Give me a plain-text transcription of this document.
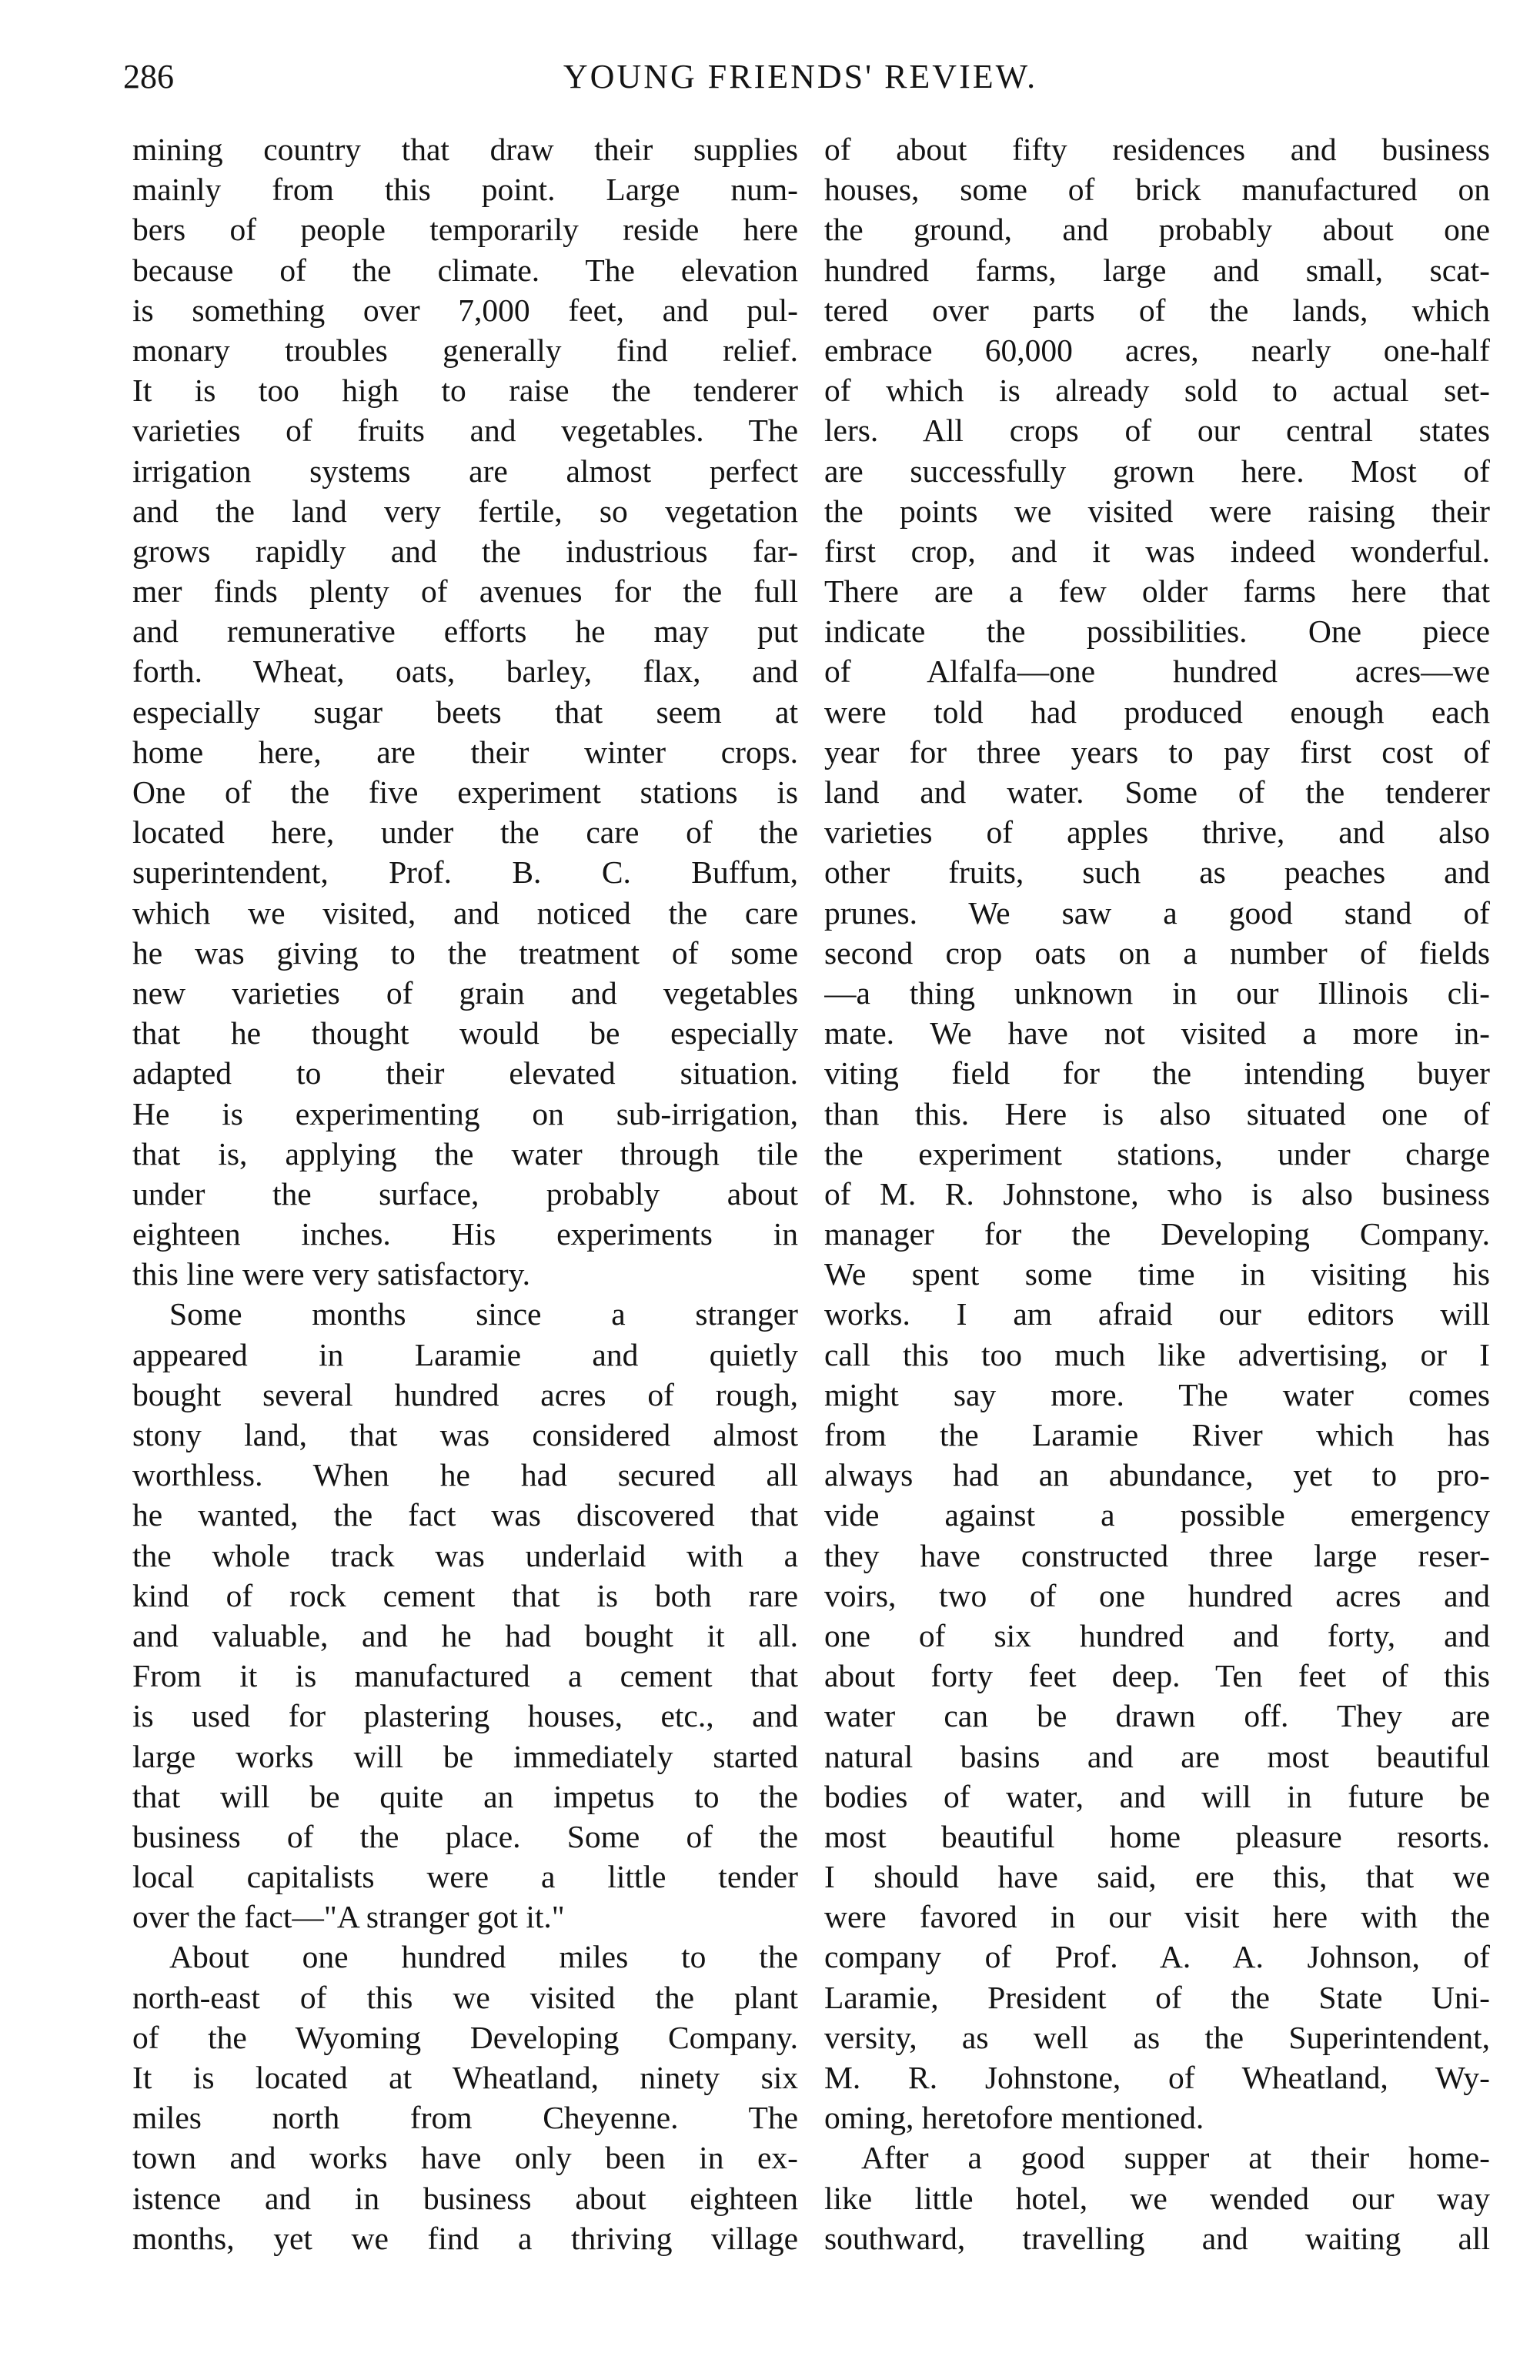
286	YOUNG FRIENDS' REVIEW.
mining country that draw their supplies
mainly from this point. Large num-
bers of people temporarily reside here
because of the climate. The elevation
is something over 7,000 feet, and pul-
monary troubles generally find relief.
It is too high to raise the tenderer
varieties of fruits and vegetables. The
irrigation systems are almost perfect
and the land very fertile, so vegetation
grows rapidly and the industrious far-
mer finds plenty of avenues for the full
and remunerative efforts he may put
forth. Wheat, oats, barley, flax, and
especially sugar beets that seem at
home here, are their winter crops.
One of the five experiment stations is
located here, under the care of the
superintendent, Prof. B. C. Buffum,
which we visited, and noticed the care
he was giving to the treatment of some
new varieties of grain and vegetables
that he thought would be especially
adapted to their elevated situation.
He is experimenting on sub-irrigation,
that is, applying the water through tile
under the surface, probably about
eighteen inches. His experiments in
this line were very satisfactory.
Some months since a stranger
appeared in Laramie and quietly
bought several hundred acres of rough,
stony land, that was considered almost
worthless. When he had secured all
he wanted, the fact was discovered that
the whole track was underlaid with a
kind of rock cement that is both rare
and valuable, and he had bought it all.
From it is manufactured a cement that
is used for plastering houses, etc., and
large works will be immediately started
that will be quite an impetus to the
business of the place. Some of the
local capitalists were a little tender
over the fact—"A stranger got it."
About one hundred miles to the
north-east of this we visited the plant
of the Wyoming Developing Company.
It is located at Wheatland, ninety six
miles north from Cheyenne. The
town and works have only been in ex-
istence and in business about eighteen
months, yet we find a thriving village
of about fifty residences and business
houses, some of brick manufactured on
the ground, and probably about one
hundred farms, large and small, scat-
tered over parts of the lands, which
embrace 60,000 acres, nearly one-half
of which is already sold to actual set-
lers. All crops of our central states
are successfully grown here. Most of
the points we visited were raising their
first crop, and it was indeed wonderful.
There are a few older farms here that
indicate the possibilities. One piece
of Alfalfa—one hundred acres—we
were told had produced enough each
year for three years to pay first cost of
land and water. Some of the tenderer
varieties of apples thrive, and also
other fruits, such as peaches and
prunes. We saw a good stand of
second crop oats on a number of fields
—a thing unknown in our Illinois cli-
mate. We have not visited a more in-
viting field for the intending buyer
than this. Here is also situated one of
the experiment stations, under charge
of M. R. Johnstone, who is also business
manager for the Developing Company.
We spent some time in visiting his
works. I am afraid our editors will
call this too much like advertising, or I
might say more. The water comes
from the Laramie River which has
always had an abundance, yet to pro-
vide against a possible emergency
they have constructed three large reser-
voirs, two of one hundred acres and
one of six hundred and forty, and
about forty feet deep. Ten feet of this
water can be drawn off. They are
natural basins and are most beautiful
bodies of water, and will in future be
most beautiful home pleasure resorts.
I should have said, ere this, that we
were favored in our visit here with the
company of Prof. A. A. Johnson, of
Laramie, President of the State Uni-
versity, as well as the Superintendent,
M. R. Johnstone, of Wheatland, Wy-
oming, heretofore mentioned.
After a good supper at their home-
like little hotel, we wended our way
southward, travelling and waiting all
